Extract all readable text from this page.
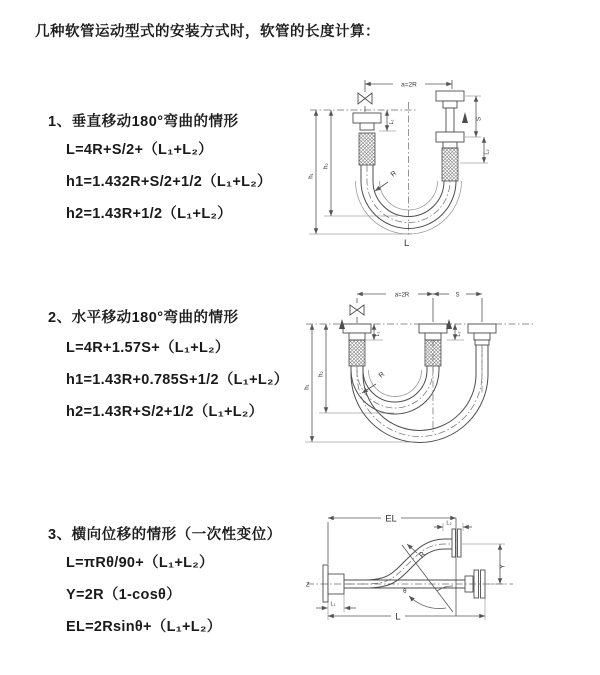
几种软管运动型式的安装方式时，软管的长度计算：
1、垂直移动180°弯曲的情形
L=4R+S/2+（L₁+L₂）
h1=1.432R+S/2+1/2（L₁+L₂）
h2=1.43R+1/2（L₁+L₂）
2、水平移动180°弯曲的情形
L=4R+1.57S+（L₁+L₂）
h1=1.43R+0.785S+1/2（L₁+L₂）
h2=1.43R+S/2+1/2（L₁+L₂）
3、横向位移的情形（一次性变位）
L=πRθ/90+（L₁+L₂）
Y=2R（1-cosθ）
EL=2Rsinθ+（L₁+L₂）
a=2R
h₁
h₂
L₁
S
L₂
R
L
a=2R	S
h₁
h₂
L₁	L₂
R
EL	L₂
Y
Z
θ
R
L₁
L
